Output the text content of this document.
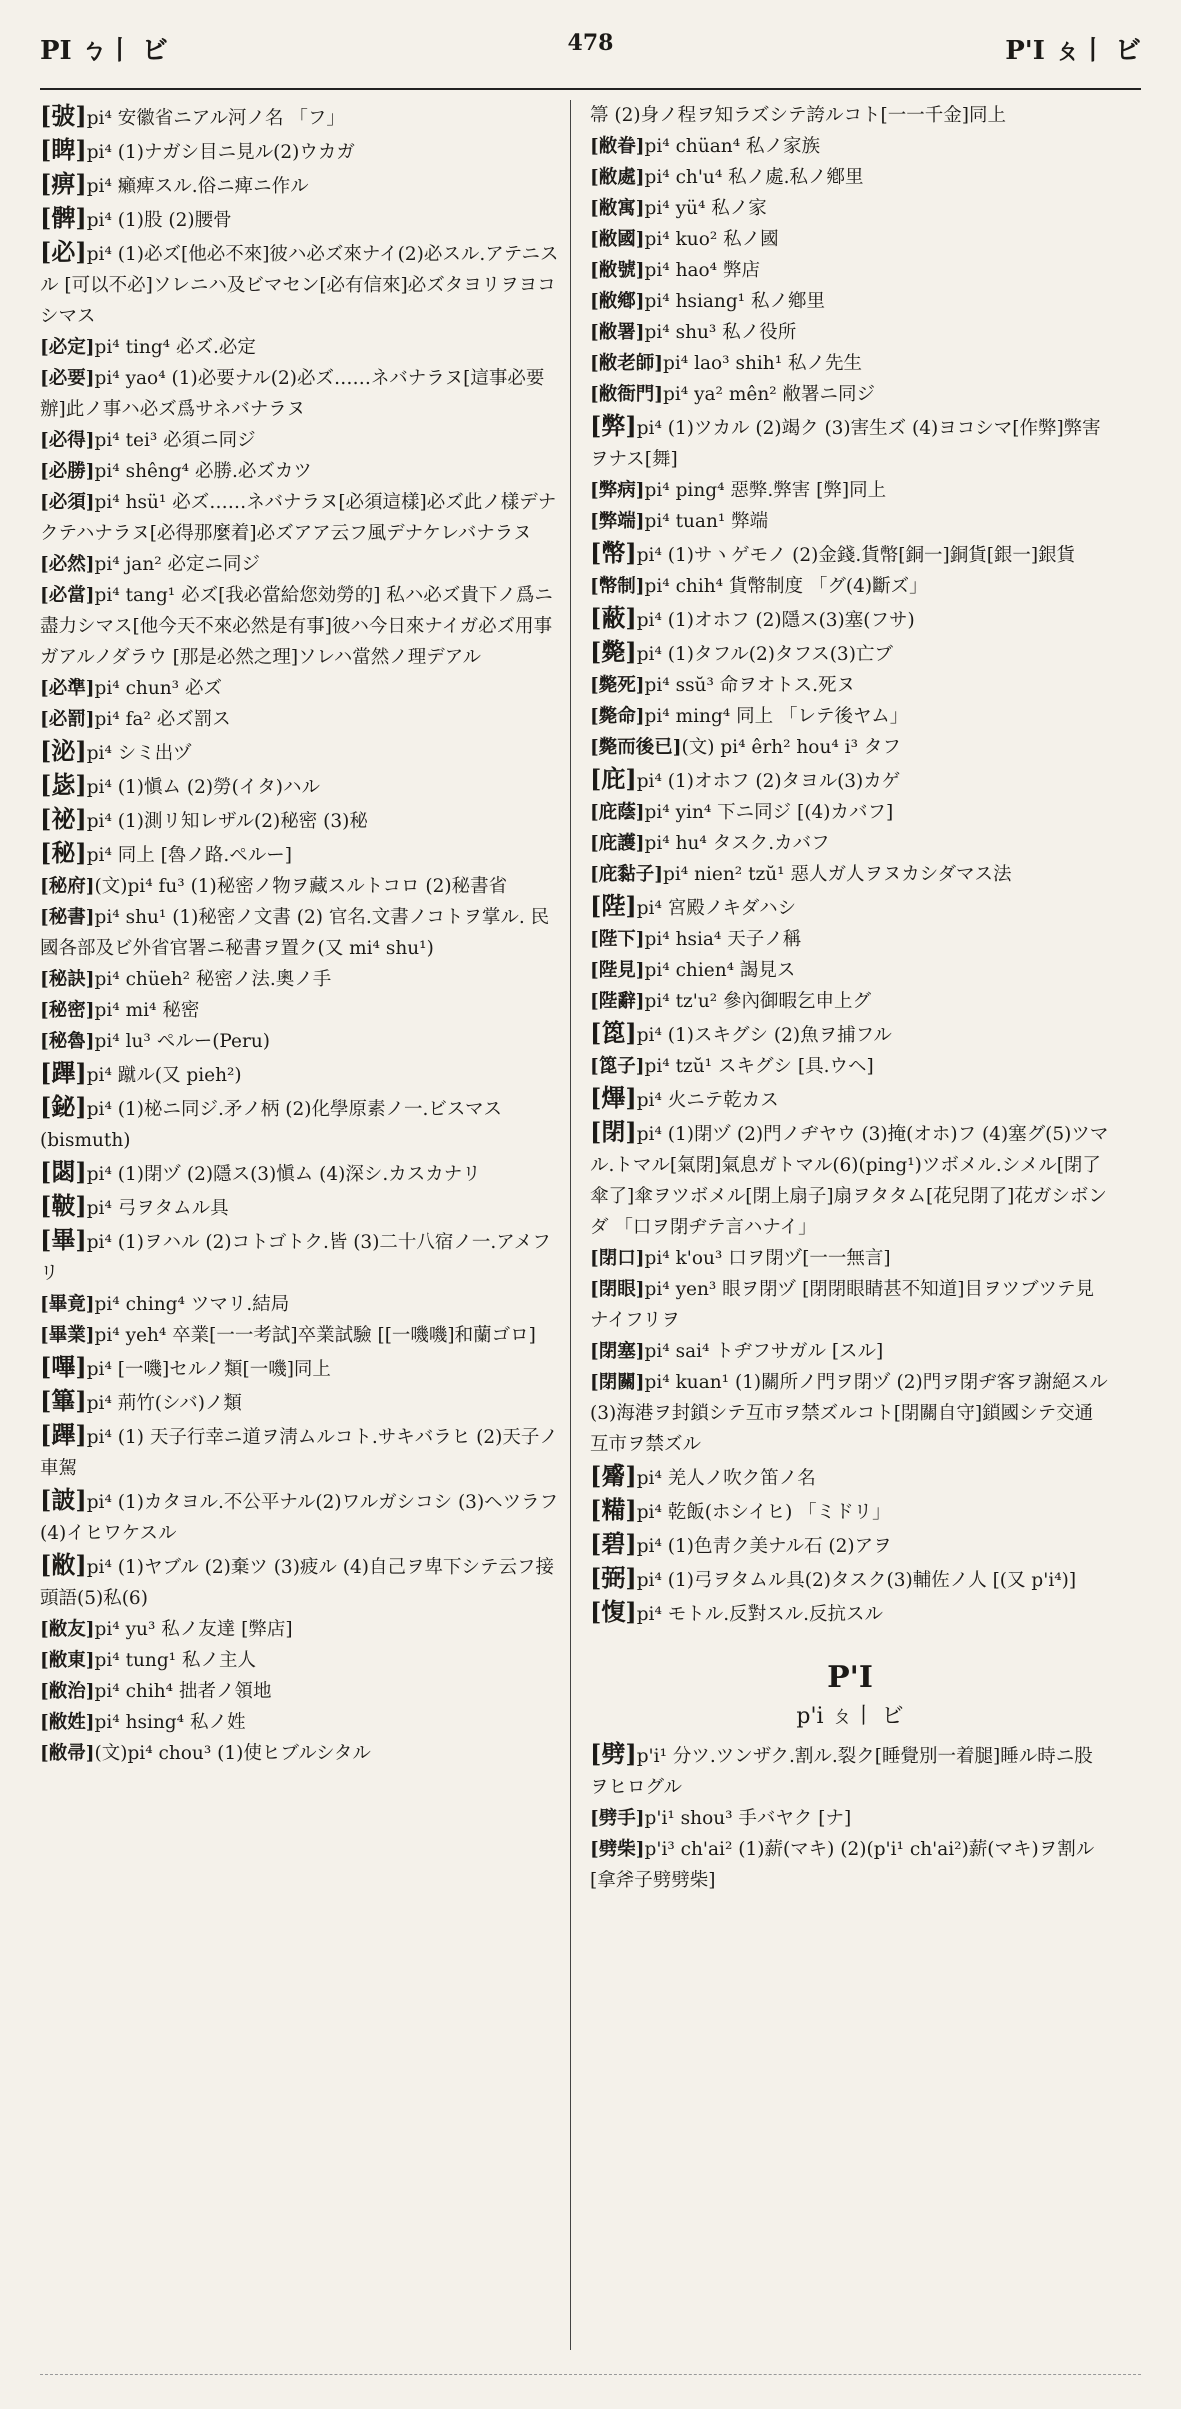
PI ㄅ丨 ビ	478	P'I ㄆ丨 ビ

[㢰]pi⁴ 安徽省ニアル河ノ名 「フ」

[睥]pi⁴ (1)ナガシ目ニ見ル(2)ウカガ

[痹]pi⁴ 癩痺スル.俗ニ痺ニ作ル

[髀]pi⁴ (1)股 (2)腰骨

[必]pi⁴ (1)必ズ[他必不來]彼ハ必ズ來ナイ(2)必スル.アテニスル [可以不必]ソレニハ及ビマセン[必有信來]必ズタヨリヲヨコシマス

[必定]pi⁴ ting⁴ 必ズ.必定

[必要]pi⁴ yao⁴ (1)必要ナル(2)必ズ……ネバナラヌ[這事必要辦]此ノ事ハ必ズ爲サネバナラヌ

[必得]pi⁴ tei³ 必須ニ同ジ

[必勝]pi⁴ shêng⁴ 必勝.必ズカツ

[必須]pi⁴ hsü¹ 必ズ……ネバナラヌ[必須這樣]必ズ此ノ樣デナクテハナラヌ[必得那麼着]必ズアア云フ風デナケレバナラヌ

[必然]pi⁴ jan² 必定ニ同ジ

[必當]pi⁴ tang¹ 必ズ[我必當給您効勞的] 私ハ必ズ貴下ノ爲ニ盡力シマス[他今天不來必然是有事]彼ハ今日來ナイガ必ズ用事ガアルノダラウ [那是必然之理]ソレハ當然ノ理デアル

[必準]pi⁴ chun³ 必ズ

[必罰]pi⁴ fa² 必ズ罰ス

[泌]pi⁴ シミ出ヅ

[毖]pi⁴ (1)愼ム (2)勞(イタ)ハル

[祕]pi⁴ (1)測リ知レザル(2)秘密 (3)秘

[秘]pi⁴ 同上 [魯ノ路.ペルー]

[秘府](文)pi⁴ fu³ (1)秘密ノ物ヲ藏スルトコロ (2)秘書省

[秘書]pi⁴ shu¹ (1)秘密ノ文書 (2) 官名.文書ノコトヲ掌ル. 民國各部及ビ外省官署ニ秘書ヲ置ク(又 mi⁴ shu¹)

[秘訣]pi⁴ chüeh² 秘密ノ法.奧ノ手

[秘密]pi⁴ mi⁴ 秘密

[秘魯]pi⁴ lu³ ペルー(Peru)

[蹕]pi⁴ 蹴ル(又 pieh²)

[鉍]pi⁴ (1)柲ニ同ジ.矛ノ柄 (2)化學原素ノ一.ビスマス(bismuth)

[閟]pi⁴ (1)閉ヅ (2)隱ス(3)愼ム (4)深シ.カスカナリ

[鞁]pi⁴ 弓ヲタムル具

[畢]pi⁴ (1)ヲハル (2)コトゴトク.皆 (3)二十八宿ノ一.アメフリ

[畢竟]pi⁴ ching⁴ ツマリ.結局

[畢業]pi⁴ yeh⁴ 卒業[一一考試]卒業試驗 [[一嘰嘰]和蘭ゴロ]

[嗶]pi⁴ [一嘰]セルノ類[一嘰]同上

[篳]pi⁴ 荊竹(シバ)ノ類

[蹕]pi⁴ (1) 天子行幸ニ道ヲ淸ムルコト.サキバラヒ (2)天子ノ車駕

[詖]pi⁴ (1)カタヨル.不公平ナル(2)ワルガシコシ (3)ヘツラフ (4)イヒワケスル

[敝]pi⁴ (1)ヤブル (2)棄ツ (3)疲ル (4)自己ヲ卑下シテ云フ接頭語(5)私(6)

[敝友]pi⁴ yu³ 私ノ友達 [弊店]

[敝東]pi⁴ tung¹ 私ノ主人

[敝治]pi⁴ chih⁴ 拙者ノ領地

[敝姓]pi⁴ hsing⁴ 私ノ姓

[敝帚](文)pi⁴ chou³ (1)使ヒブルシタル

箒 (2)身ノ程ヲ知ラズシテ誇ルコト[一一千金]同上

[敝眷]pi⁴ chüan⁴ 私ノ家族

[敝處]pi⁴ ch'u⁴ 私ノ處.私ノ鄕里

[敝寓]pi⁴ yü⁴ 私ノ家

[敝國]pi⁴ kuo² 私ノ國

[敝號]pi⁴ hao⁴ 弊店

[敝鄕]pi⁴ hsiang¹ 私ノ鄕里

[敝署]pi⁴ shu³ 私ノ役所

[敝老師]pi⁴ lao³ shih¹ 私ノ先生

[敝衙門]pi⁴ ya² mên² 敝署ニ同ジ

[弊]pi⁴ (1)ツカル (2)竭ク (3)害生ズ (4)ヨコシマ[作弊]弊害ヲナス[舞]

[弊病]pi⁴ ping⁴ 惡弊.弊害 [弊]同上

[弊端]pi⁴ tuan¹ 弊端

[幣]pi⁴ (1)サヽゲモノ (2)金錢.貨幣[銅一]銅貨[銀一]銀貨

[幣制]pi⁴ chih⁴ 貨幣制度 「グ(4)斷ズ」

[蔽]pi⁴ (1)オホフ (2)隱ス(3)塞(フサ)

[斃]pi⁴ (1)タフル(2)タフス(3)亡ブ

[斃死]pi⁴ ssŭ³ 命ヲオトス.死ヌ

[斃命]pi⁴ ming⁴ 同上 「レテ後ヤム」

[斃而後已](文) pi⁴ êrh² hou⁴ i³ タフ

[庇]pi⁴ (1)オホフ (2)タヨル(3)カゲ

[庇蔭]pi⁴ yin⁴ 下ニ同ジ [(4)カバフ]

[庇護]pi⁴ hu⁴ タスク.カバフ

[庇黏子]pi⁴ nien² tzŭ¹ 惡人ガ人ヲヌカシダマス法

[陛]pi⁴ 宮殿ノキダハシ

[陛下]pi⁴ hsia⁴ 天子ノ稱

[陛見]pi⁴ chien⁴ 謁見ス

[陛辭]pi⁴ tz'u² 參內御暇乞申上グ

[箆]pi⁴ (1)スキグシ (2)魚ヲ捕フル

[箆子]pi⁴ tzŭ¹ スキグシ [具.ウヘ]

[熚]pi⁴ 火ニテ乾カス

[閉]pi⁴ (1)閉ヅ (2)門ノヂヤウ (3)掩(オホ)フ (4)塞グ(5)ツマル.トマル[氣閉]氣息ガトマル(6)(ping¹)ツボメル.シメル[閉了傘了]傘ヲツボメル[閉上扇子]扇ヲタタム[花兒閉了]花ガシボンダ 「口ヲ閉ヂテ言ハナイ」

[閉口]pi⁴ k'ou³ 口ヲ閉ヅ[一一無言]

[閉眼]pi⁴ yen³ 眼ヲ閉ヅ [閉閉眼睛甚不知道]目ヲツブツテ見ナイフリヲ

[閉塞]pi⁴ sai⁴ トヂフサガル [スル]

[閉關]pi⁴ kuan¹ (1)關所ノ門ヲ閉ヅ (2)門ヲ閉ヂ客ヲ謝絕スル (3)海港ヲ封鎖シテ互市ヲ禁ズルコト[閉關自守]鎖國シテ交通互市ヲ禁ズル

[觱]pi⁴ 羌人ノ吹ク笛ノ名

[糒]pi⁴ 乾飯(ホシイヒ) 「ミドリ」

[碧]pi⁴ (1)色靑ク美ナル石 (2)アヲ

[弼]pi⁴ (1)弓ヲタムル具(2)タスク(3)輔佐ノ人 [(又 p'i⁴)]

[愎]pi⁴ モトル.反對スル.反抗スル

P'I
p'i ㄆ丨 ビ

[劈]p'i¹ 分ツ.ツンザク.割ル.裂ク[睡覺別一着腿]睡ル時ニ股ヲヒログル

[劈手]p'i¹ shou³ 手バヤク [ナ]

[劈柴]p'i³ ch'ai² (1)薪(マキ) (2)(p'i¹ ch'ai²)薪(マキ)ヲ割ル[拿斧子劈劈柴]
